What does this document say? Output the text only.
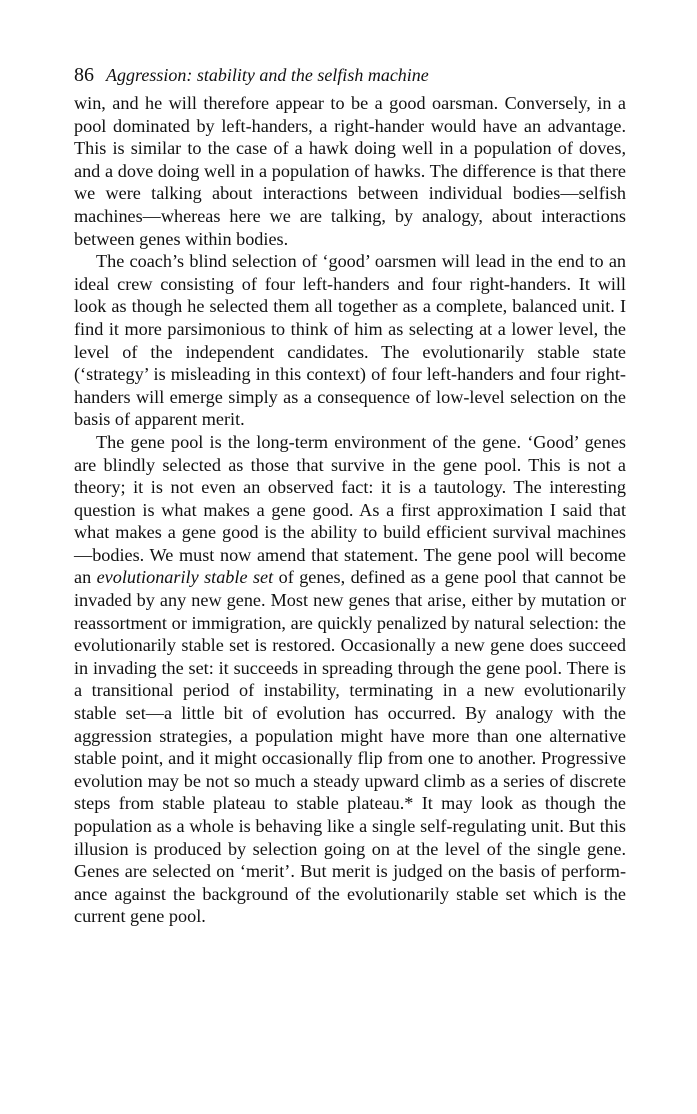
86 Aggression: stability and the selfish machine

win, and he will therefore appear to be a good oarsman. Conversely, in a pool dominated by left-handers, a right-hander would have an advantage. This is similar to the case of a hawk doing well in a population of doves, and a dove doing well in a population of hawks. The difference is that there we were talking about interactions between individual bodies—selfish machines—whereas here we are talking, by analogy, about interactions between genes within bodies.

The coach’s blind selection of ‘good’ oarsmen will lead in the end to an ideal crew consisting of four left-handers and four right-handers. It will look as though he selected them all together as a complete, balanced unit. I find it more parsimonious to think of him as selecting at a lower level, the level of the independent candidates. The evolutionarily stable state (‘strategy’ is misleading in this context) of four left-handers and four right-handers will emerge simply as a consequence of low-level selection on the basis of apparent merit.

The gene pool is the long-term environment of the gene. ‘Good’ genes are blindly selected as those that survive in the gene pool. This is not a theory; it is not even an observed fact: it is a tautology. The interesting question is what makes a gene good. As a first approximation I said that what makes a gene good is the ability to build efficient survival machines—bodies. We must now amend that statement. The gene pool will become an evolutionarily stable set of genes, defined as a gene pool that cannot be invaded by any new gene. Most new genes that arise, either by mutation or reassortment or immigration, are quickly penalized by natural selection: the evolutionarily stable set is restored. Occasionally a new gene does succeed in invading the set: it succeeds in spreading through the gene pool. There is a transitional period of instability, terminating in a new evolutionarily stable set—a little bit of evolution has occurred. By analogy with the aggression strategies, a population might have more than one alternative stable point, and it might occasionally flip from one to another. Progressive evolution may be not so much a steady upward climb as a series of discrete steps from stable plateau to stable plateau.* It may look as though the population as a whole is behaving like a single self-regulating unit. But this illusion is produced by selection going on at the level of the single gene. Genes are selected on ‘merit’. But merit is judged on the basis of performance against the background of the evolutionarily stable set which is the current gene pool.
